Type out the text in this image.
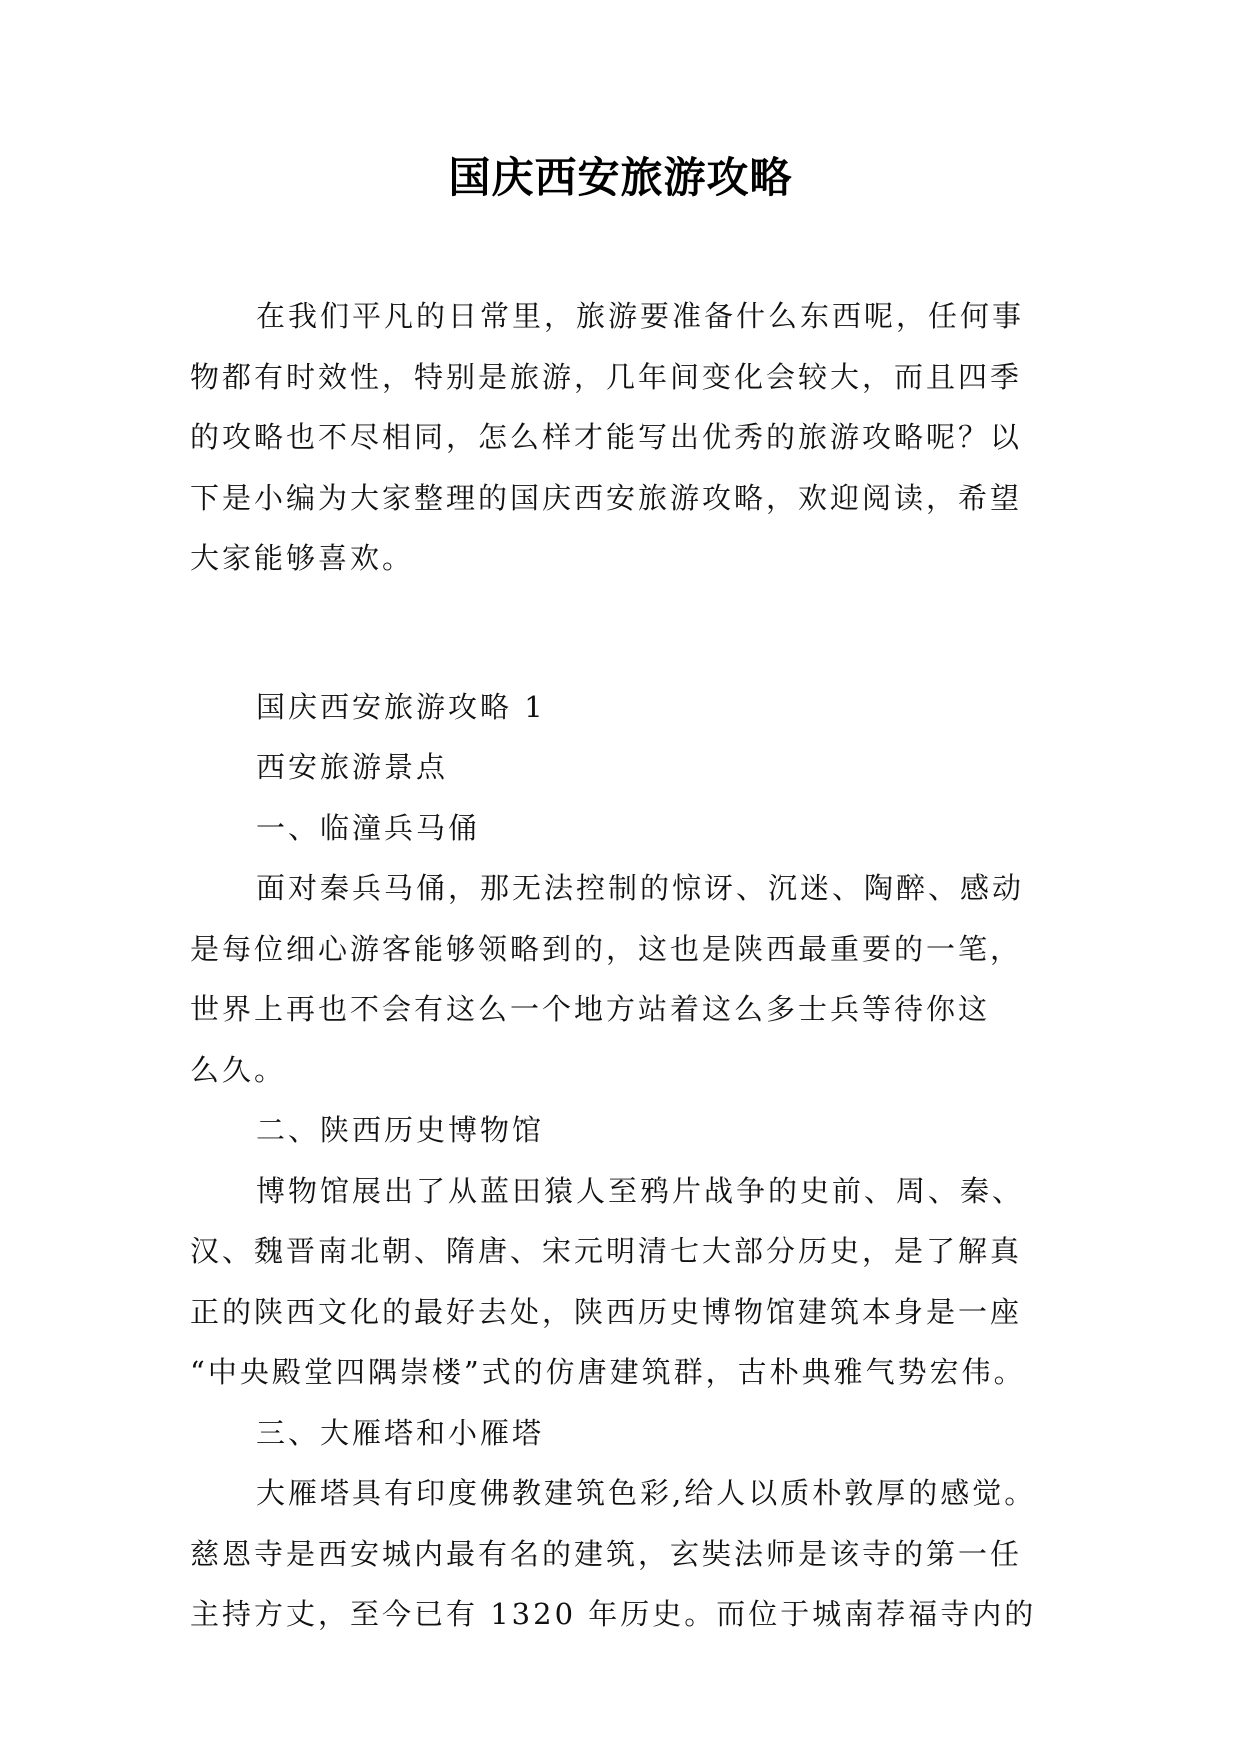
国庆西安旅游攻略

在我们平凡的日常里，旅游要准备什么东西呢，任何事
物都有时效性，特别是旅游，几年间变化会较大，而且四季
的攻略也不尽相同，怎么样才能写出优秀的旅游攻略呢？以
下是小编为大家整理的国庆西安旅游攻略，欢迎阅读，希望
大家能够喜欢。

国庆西安旅游攻略 1

西安旅游景点

一、临潼兵马俑

面对秦兵马俑，那无法控制的惊讶、沉迷、陶醉、感动
是每位细心游客能够领略到的，这也是陕西最重要的一笔，
世界上再也不会有这么一个地方站着这么多士兵等待你这
么久。

二、陕西历史博物馆

博物馆展出了从蓝田猿人至鸦片战争的史前、周、秦、
汉、魏晋南北朝、隋唐、宋元明清七大部分历史，是了解真
正的陕西文化的最好去处，陕西历史博物馆建筑本身是一座
“中央殿堂四隅崇楼”式的仿唐建筑群，古朴典雅气势宏伟。

三、大雁塔和小雁塔

大雁塔具有印度佛教建筑色彩,给人以质朴敦厚的感觉。
慈恩寺是西安城内最有名的建筑，玄奘法师是该寺的第一任
主持方丈，至今已有 1320 年历史。而位于城南荐福寺内的
